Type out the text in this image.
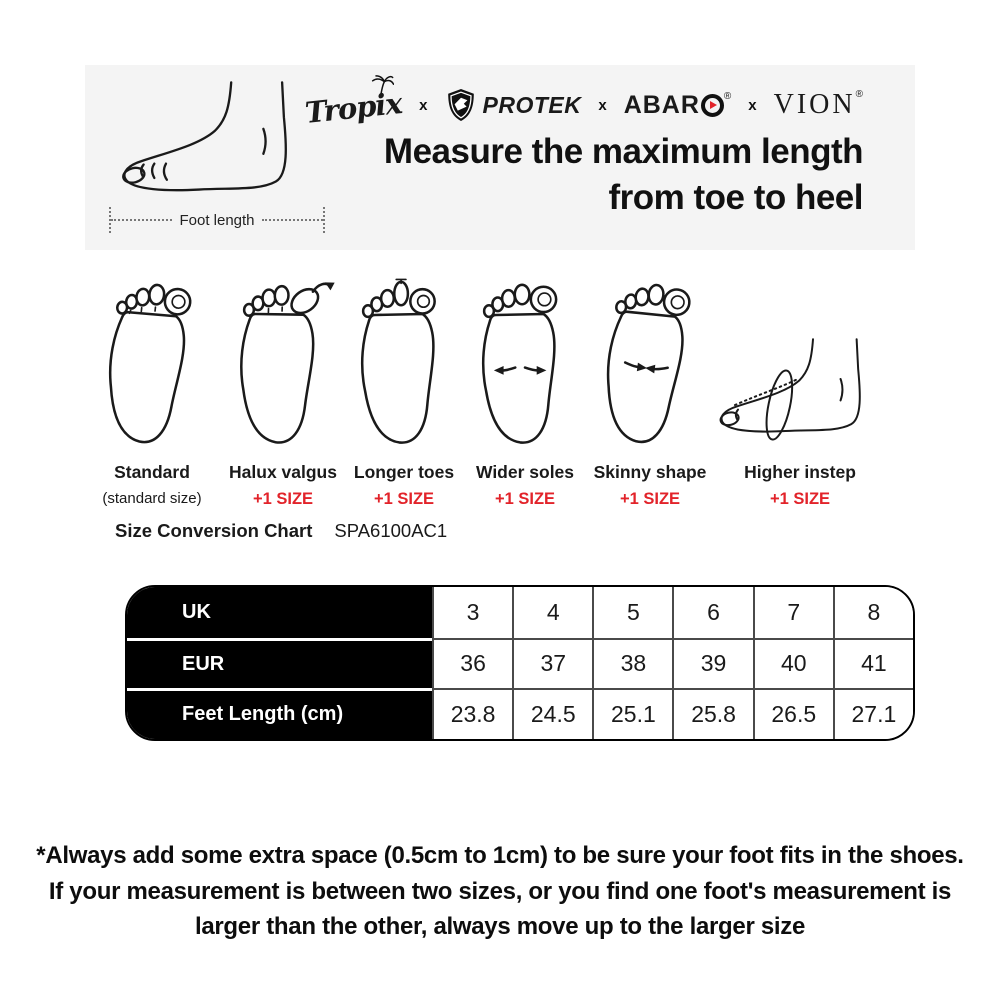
Foot length
Tropix x PROTEK x ABAR ®
x VION ®
Measure the maximum length
from toe to heel
Standard
(standard size)
Halux valgus
+1 SIZE
Longer toes
+1 SIZE
Wider soles
+1 SIZE
Skinny shape
+1 SIZE
Higher instep
+1 SIZE
Size Conversion Chart SPA6100AC1
UK	3	4	5	6	7	8
EUR	36	37	38	39	40	41
Feet Length (cm)	23.8	24.5	25.1	25.8	26.5	27.1
*Always add some extra space (0.5cm to 1cm) to be sure your foot fits in the shoes.
If your measurement is between two sizes, or you find one foot's measurement is
larger than the other, always move up to the larger size
